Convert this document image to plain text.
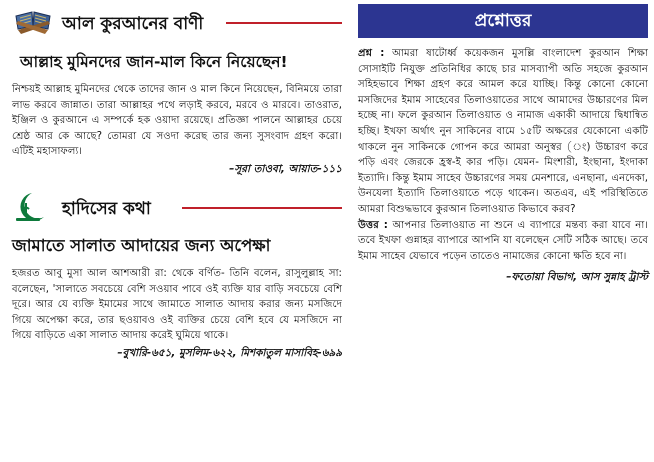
আল কুরআনের বাণী
আল্লাহ মুমিনদের জান-মাল কিনে নিয়েছেন!
নিশ্চয়ই আল্লাহ মুমিনদের থেকে তাদের জান ও মাল কিনে নিয়েছেন, বিনিময়ে তারা লাভ করবে জান্নাত। তারা আল্লাহর পথে লড়াই করবে, মরবে ও মারবে। তাওরাত, ইঞ্জিল ও কুরআনে এ সম্পর্কে হক ওয়াদা রয়েছে। প্রতিজ্ঞা পালনে আল্লাহর চেয়ে শ্রেষ্ঠ আর কে আছে? তোমরা যে সওদা করেছ তার জন্য সুসংবাদ গ্রহণ করো। এটিই মহাসাফল্য।
–সূরা তাওবা, আয়াত-১১১
হাদিসের কথা
জামাতে সালাত আদায়ের জন্য অপেক্ষা
হজরত আবু মুসা আল আশআরী রা: থেকে বর্ণিত- তিনি বলেন, রাসুলুল্লাহ সা: বলেছেন, 'সালাতে সবচেয়ে বেশি সওয়াব পাবে ওই ব্যক্তি যার বাড়ি সবচেয়ে বেশি দূরে। আর যে ব্যক্তি ইমামের সাথে জামাতে সালাত আদায় করার জন্য মসজিদে গিয়ে অপেক্ষা করে, তার ছওয়াবও ওই ব্যক্তির চেয়ে বেশি হবে যে মসজিদে না গিয়ে বাড়িতে একা সালাত আদায় করেই ঘুমিয়ে থাকে।
–বুখারি-৬৫১, মুসলিম-৬২২, মিশকাতুল মাসাবিহ-৬৯৯
প্রশ্নোত্তর
প্রশ্ন : আমরা ষাটোর্ধ্ব কয়েকজন মুসল্লি বাংলাদেশ কুরআন শিক্ষা সোসাইটি নিযুক্ত প্রতিনিধির কাছে চার মাসব্যাপী অতি সহজে কুরআন সহিহভাবে শিক্ষা গ্রহণ করে আমল করে যাচ্ছি। কিন্তু কোনো কোনো মসজিদের ইমাম সাহেবের তিলাওয়াতের সাথে আমাদের উচ্চারণের মিল হচ্ছে না। ফলে কুরআন তিলাওয়াত ও নামাজ একাকী আদায়ে দ্বিধান্বিত হচ্ছি। ইখফা অর্থাৎ নুন সাকিনের বামে ১৫টি অক্ষরের যেকোনো একটি থাকলে নুন সাকিনকে গোপন করে আমরা অনুস্বর (ং) উচ্চারণ করে পড়ি এবং জেরকে হ্রস্ব-ই কার পড়ি। যেমন- মিংশারী, ইংছানা, ইংদাকা ইত্যাদি। কিন্তু ইমাম সাহেব উচ্চারণের সময় মেনশারে, এনছানা, এনদেকা, উনযেলা ইত্যাদি তিলাওয়াতে পড়ে থাকেন। অতএব, এই পরিস্থিতিতে আমরা বিশুদ্ধভাবে কুরআন তিলাওয়াত কিভাবে করব?
উত্তর : আপনার তিলাওয়াত না শুনে এ ব্যাপারে মন্তব্য করা যাবে না। তবে ইখফা গুন্নাহর ব্যাপারে আপনি যা বলেছেন সেটি সঠিক আছে। তবে ইমাম সাহেব যেভাবে পড়েন তাতেও নামাজের কোনো ক্ষতি হবে না।
–ফতোয়া বিভাগ, আস সুন্নাহ ট্রাস্ট
